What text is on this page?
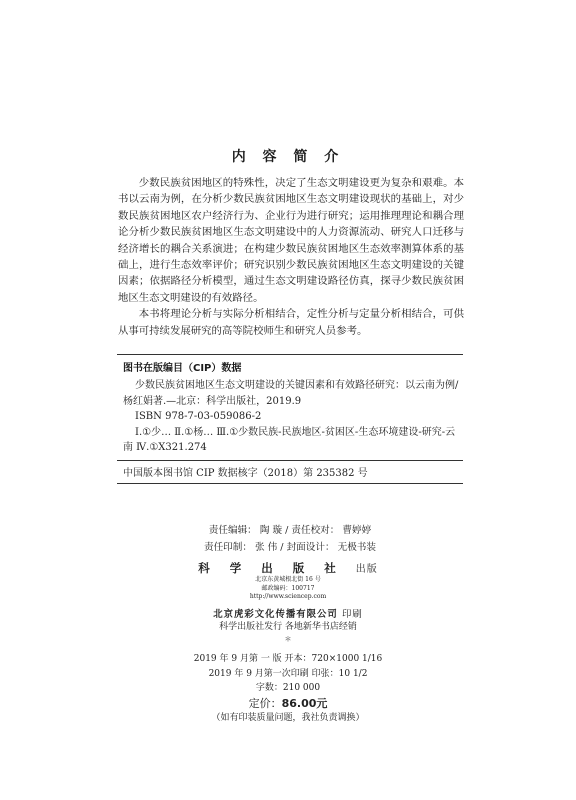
内 容 简 介

少数民族贫困地区的特殊性，决定了生态文明建设更为复杂和艰难。本书以云南为例，在分析少数民族贫困地区生态文明建设现状的基础上，对少数民族贫困地区农户经济行为、企业行为进行研究；运用推理理论和耦合理论分析少数民族贫困地区生态文明建设中的人力资源流动、研究人口迁移与经济增长的耦合关系演进；在构建少数民族贫困地区生态效率测算体系的基础上，进行生态效率评价；研究识别少数民族贫困地区生态文明建设的关键因素；依据路径分析模型，通过生态文明建设路径仿真，探寻少数民族贫困地区生态文明建设的有效路径。

本书将理论分析与实际分析相结合，定性分析与定量分析相结合，可供从事可持续发展研究的高等院校师生和研究人员参考。

图书在版编目（CIP）数据

少数民族贫困地区生态文明建设的关键因素和有效路径研究：以云南为例/杨红娟著.—北京：科学出版社，2019.9

ISBN 978-7-03-059086-2

Ⅰ.①少… Ⅱ.①杨… Ⅲ.①少数民族-民族地区-贫困区-生态环境建设-研究-云南 Ⅳ.①X321.274

中国版本图书馆 CIP 数据核字（2018）第 235382 号
责任编辑： 陶 璇 / 责任校对： 曹婷婷
责任印制： 张 伟 / 封面设计： 无极书装
科 学 出 版 社 出版
北京东黄城根北街 16 号
邮政编码：100717
http://www.sciencep.com
北京虎彩文化传播有限公司 印刷
科学出版社发行 各地新华书店经销
＊
2019 年 9 月第 一 版 开本：720×1000 1/16
2019 年 9 月第一次印刷 印张：10 1/2
字数：210 000
定价：86.00元
（如有印装质量问题，我社负责调换）
